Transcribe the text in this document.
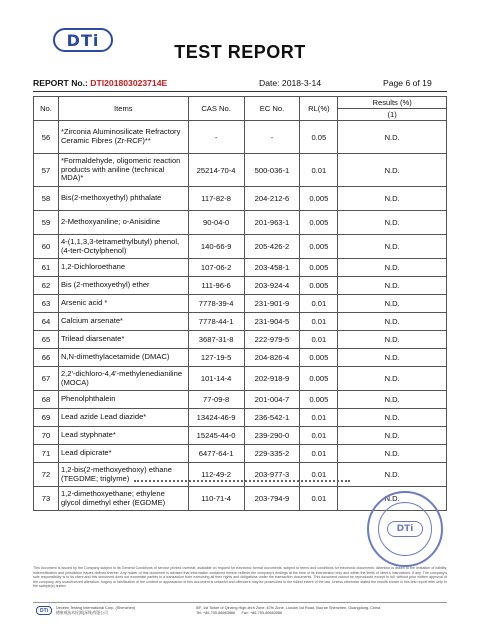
DTi
TEST REPORT
REPORT No.: DTI201803023714E	Date: 2018-3-14	Page 6 of 19
No.	Items	CAS No.	EC No.	RL(%)	Results (%)
					(1)
56	*Zirconia Aluminosilicate Refractory Ceramic Fibres (Zr-RCF)**	-	-	0.05	N.D.
57	*Formaldehyde, oligomeric reaction products with aniline (technical MDA)*	25214-70-4	500-036-1	0.01	N.D.
58	Bis(2-methoxyethyl) phthalate	117-82-8	204-212-6	0.005	N.D.
59	2-Methoxyaniline; o-Anisidine	90-04-0	201-963-1	0.005	N.D.
60	4-(1,1,3,3-tetramethylbutyl) phenol, (4-tert-Octylphenol)	140-66-9	205-426-2	0.005	N.D.
61	1,2-Dichloroethane	107-06-2	203-458-1	0.005	N.D.
62	Bis (2-methoxyethyl) ether	111-96-6	203-924-4	0.005	N.D.
63	Arsenic acid *	7778-39-4	231-901-9	0.01	N.D.
64	Calcium arsenate*	7778-44-1	231-904-5	0.01	N.D.
65	Trilead diarsenate*	3687-31-8	222-979-5	0.01	N.D.
66	N,N-dimethylacetamide (DMAC)	127-19-5	204-826-4	0.005	N.D.
67	2,2'-dichloro-4,4'-methylenedianiline (MOCA)	101-14-4	202-918-9	0.005	N.D.
68	Phenolphthalein	77-09-8	201-004-7	0.005	N.D.
69	Lead azide Lead diazide*	13424-46-9	236-542-1	0.01	N.D.
70	Lead styphnate*	15245-44-0	239-290-0	0.01	N.D.
71	Lead dipicrate*	6477-64-1	229-335-2	0.01	N.D.
72	1,2-bis(2-methoxyethoxy) ethane (TEGDME; triglyme)	112-49-2	203-977-3	0.01	N.D.
73	1,2-dimethoxyethane; ethylene glycol dimethyl ether (EGDME)	110-71-4	203-794-9	0.01	N.D.
DTi
This document is issued by the Company subject to its General Conditions of service printed overleaf, available on request for electronic format documents, subject to terms and conditions for electronic documents. Attention is drawn to the limitation of liability, indemnification and jurisdiction issues defined therein. Any holder of this document is advised that information contained hereon reflects the company's findings at the time of its intervention only and within the limits of client's instructions, if any. The company's sole responsibility is to its client and this document does not exonerate parties to a transaction from exercising all their rights and obligations under the transaction documents. This document cannot be reproduced except in full, without prior written approval of the company, any unauthorized alteration, forgery or falsification of the content or appearance of this document is unlawful and offenders may be prosecuted to the fullest extent of the law. Unless otherwise stated the results shown in this test report refer only to the sample(s) tested.
DTi	Dexeen Testing International Corp. (Shenzhen)
德康威技术检测(深圳)有限公司
5/F, 1st Tower of Qinxing High-tech Zone, 67th Zone, Liuxian 1st Road, Bao'an Shenzhen, Guangdong, China
Tel: +86-755-86663886 Fax: +86-755-86663086
